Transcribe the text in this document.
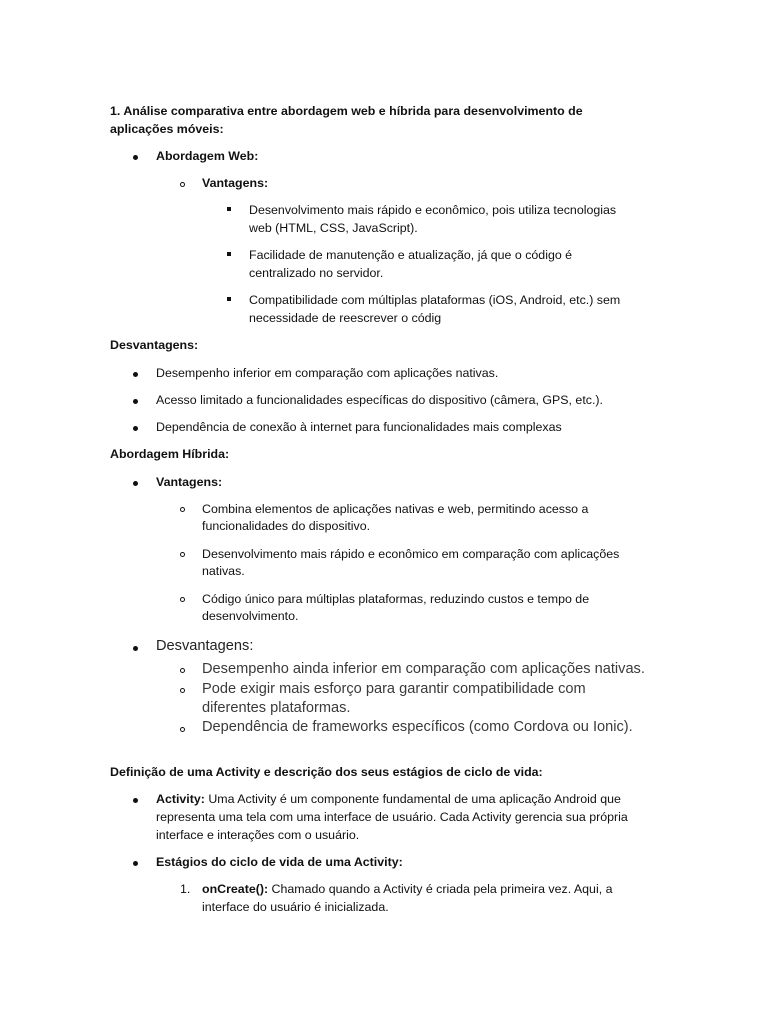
1. Análise comparativa entre abordagem web e híbrida para desenvolvimento de

aplicações móveis:

Abordagem Web:

Vantagens:

Desenvolvimento mais rápido e econômico, pois utiliza tecnologias

web (HTML, CSS, JavaScript).

Facilidade de manutenção e atualização, já que o código é

centralizado no servidor.

Compatibilidade com múltiplas plataformas (iOS, Android, etc.) sem

necessidade de reescrever o códig

Desvantagens:

Desempenho inferior em comparação com aplicações nativas.

Acesso limitado a funcionalidades específicas do dispositivo (câmera, GPS, etc.).

Dependência de conexão à internet para funcionalidades mais complexas

Abordagem Híbrida:

Vantagens:

Combina elementos de aplicações nativas e web, permitindo acesso a

funcionalidades do dispositivo.

Desenvolvimento mais rápido e econômico em comparação com aplicações

nativas.

Código único para múltiplas plataformas, reduzindo custos e tempo de

desenvolvimento.

Desvantagens:

Desempenho ainda inferior em comparação com aplicações nativas.

Pode exigir mais esforço para garantir compatibilidade com

diferentes plataformas.

Dependência de frameworks específicos (como Cordova ou Ionic).

Definição de uma Activity e descrição dos seus estágios de ciclo de vida:

Activity: Uma Activity é um componente fundamental de uma aplicação Android que

representa uma tela com uma interface de usuário. Cada Activity gerencia sua própria

interface e interações com o usuário.

Estágios do ciclo de vida de uma Activity:

1. onCreate(): Chamado quando a Activity é criada pela primeira vez. Aqui, a

interface do usuário é inicializada.
